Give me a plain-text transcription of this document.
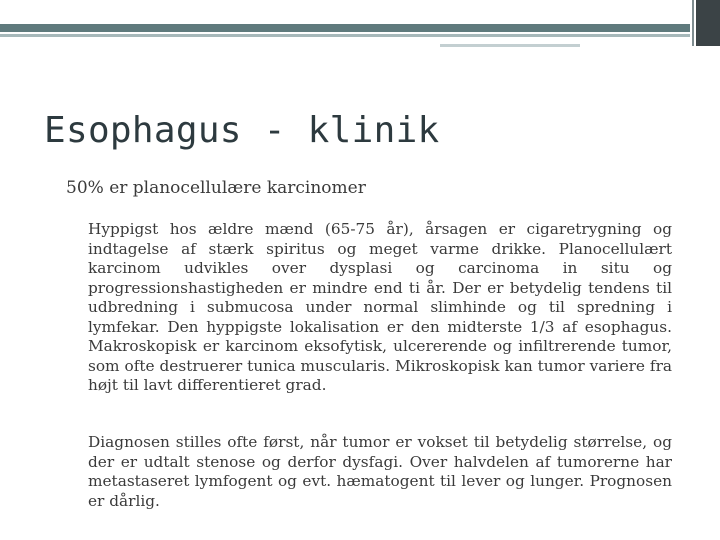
Esophagus - klinik
50% er planocellulære karcinomer

Hyppigst hos ældre mænd (65-75 år), årsagen er cigaretrygning og indtagelse af stærk spiritus og meget varme drikke. Planocellulært karcinom udvikles over dysplasi og carcinoma in situ og progressionshastigheden er mindre end ti år. Der er betydelig tendens til udbredning i submucosa under normal slimhinde og til spredning i lymfekar. Den hyppigste lokalisation er den midterste 1/3 af esophagus. Makroskopisk er karcinom eksofytisk, ulcererende og infiltrerende tumor, som ofte destruerer tunica muscularis. Mikroskopisk kan tumor variere fra højt til lavt differentieret grad.

Diagnosen stilles ofte først, når tumor er vokset til betydelig størrelse, og der er udtalt stenose og derfor dysfagi. Over halvdelen af tumorerne har metastaseret lymfogent og evt. hæmatogent til lever og lunger. Prognosen er dårlig.
